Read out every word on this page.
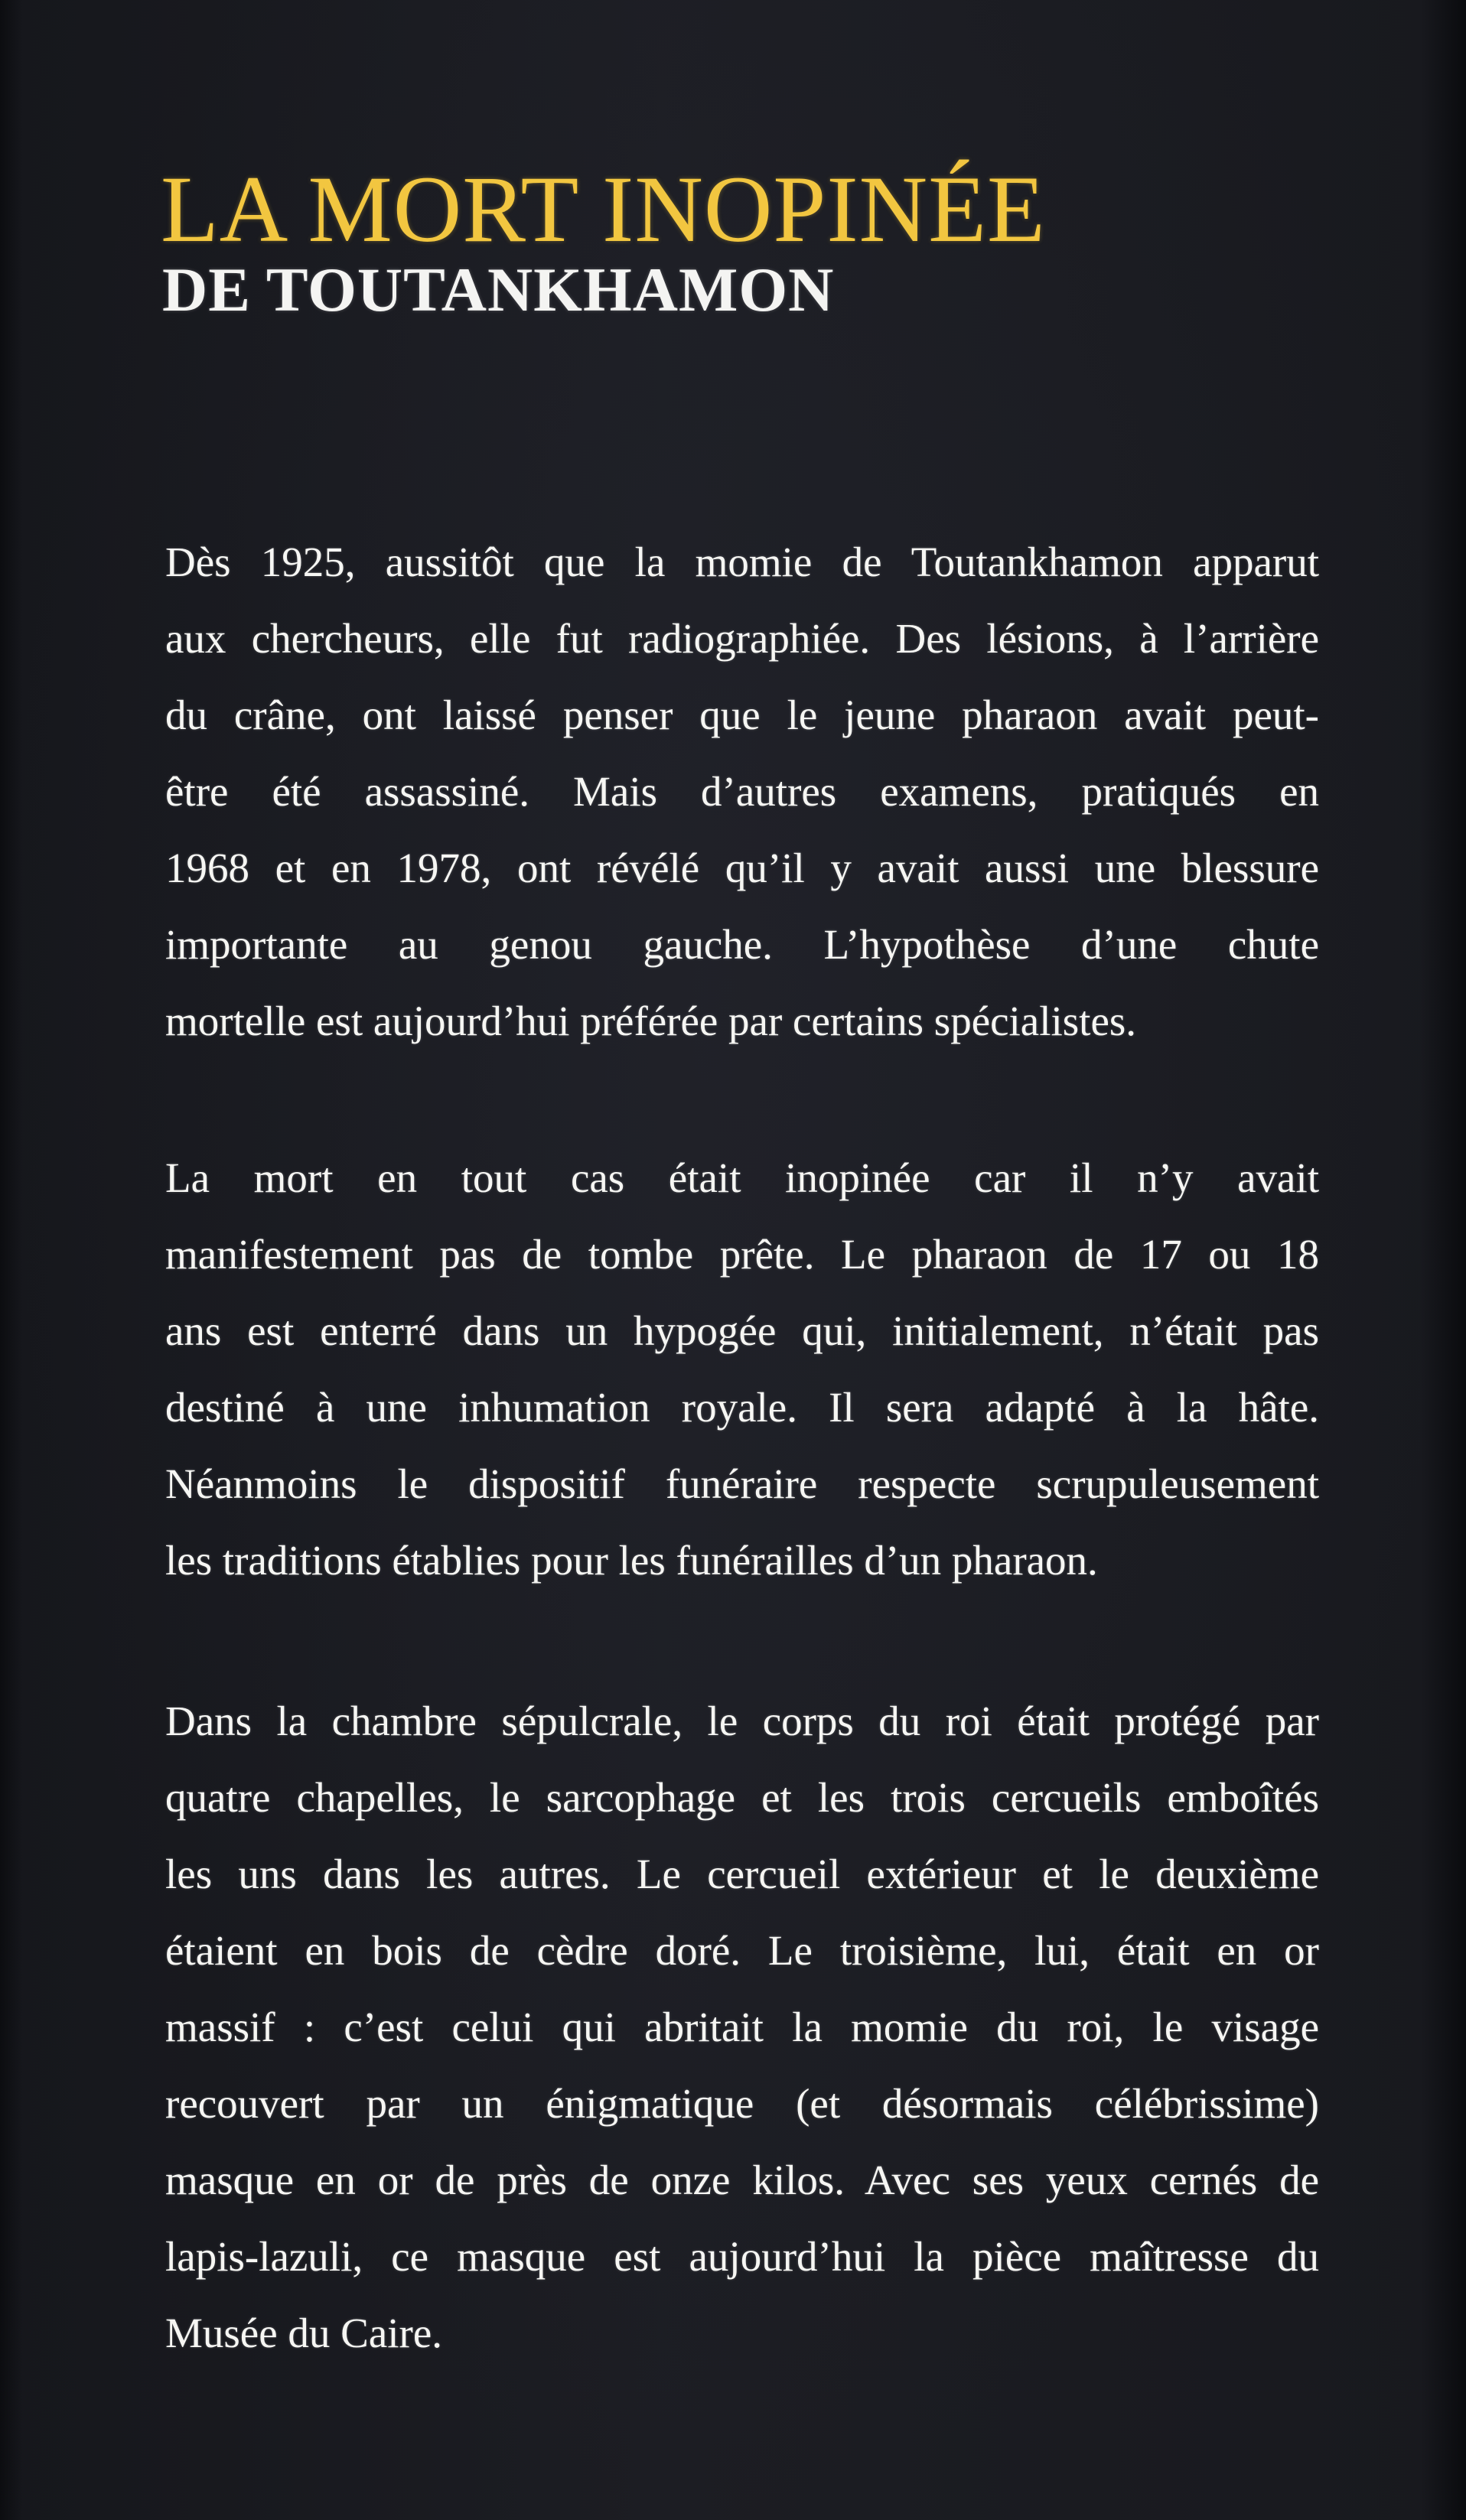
LA MORT INOPINÉE
DE TOUTANKHAMON
Dès 1925, aussitôt que la momie de Toutankhamon apparut
aux chercheurs, elle fut radiographiée. Des lésions, à l’arrière
du crâne, ont laissé penser que le jeune pharaon avait peut-
être été assassiné. Mais d’autres examens, pratiqués en
1968 et en 1978, ont révélé qu’il y avait aussi une blessure
importante au genou gauche. L’hypothèse d’une chute
mortelle est aujourd’hui préférée par certains spécialistes.
La mort en tout cas était inopinée car il n’y avait
manifestement pas de tombe prête. Le pharaon de 17 ou 18
ans est enterré dans un hypogée qui, initialement, n’était pas
destiné à une inhumation royale. Il sera adapté à la hâte.
Néanmoins le dispositif funéraire respecte scrupuleusement
les traditions établies pour les funérailles d’un pharaon.
Dans la chambre sépulcrale, le corps du roi était protégé par
quatre chapelles, le sarcophage et les trois cercueils emboîtés
les uns dans les autres. Le cercueil extérieur et le deuxième
étaient en bois de cèdre doré. Le troisième, lui, était en or
massif : c’est celui qui abritait la momie du roi, le visage
recouvert par un énigmatique (et désormais célébrissime)
masque en or de près de onze kilos. Avec ses yeux cernés de
lapis-lazuli, ce masque est aujourd’hui la pièce maîtresse du
Musée du Caire.
